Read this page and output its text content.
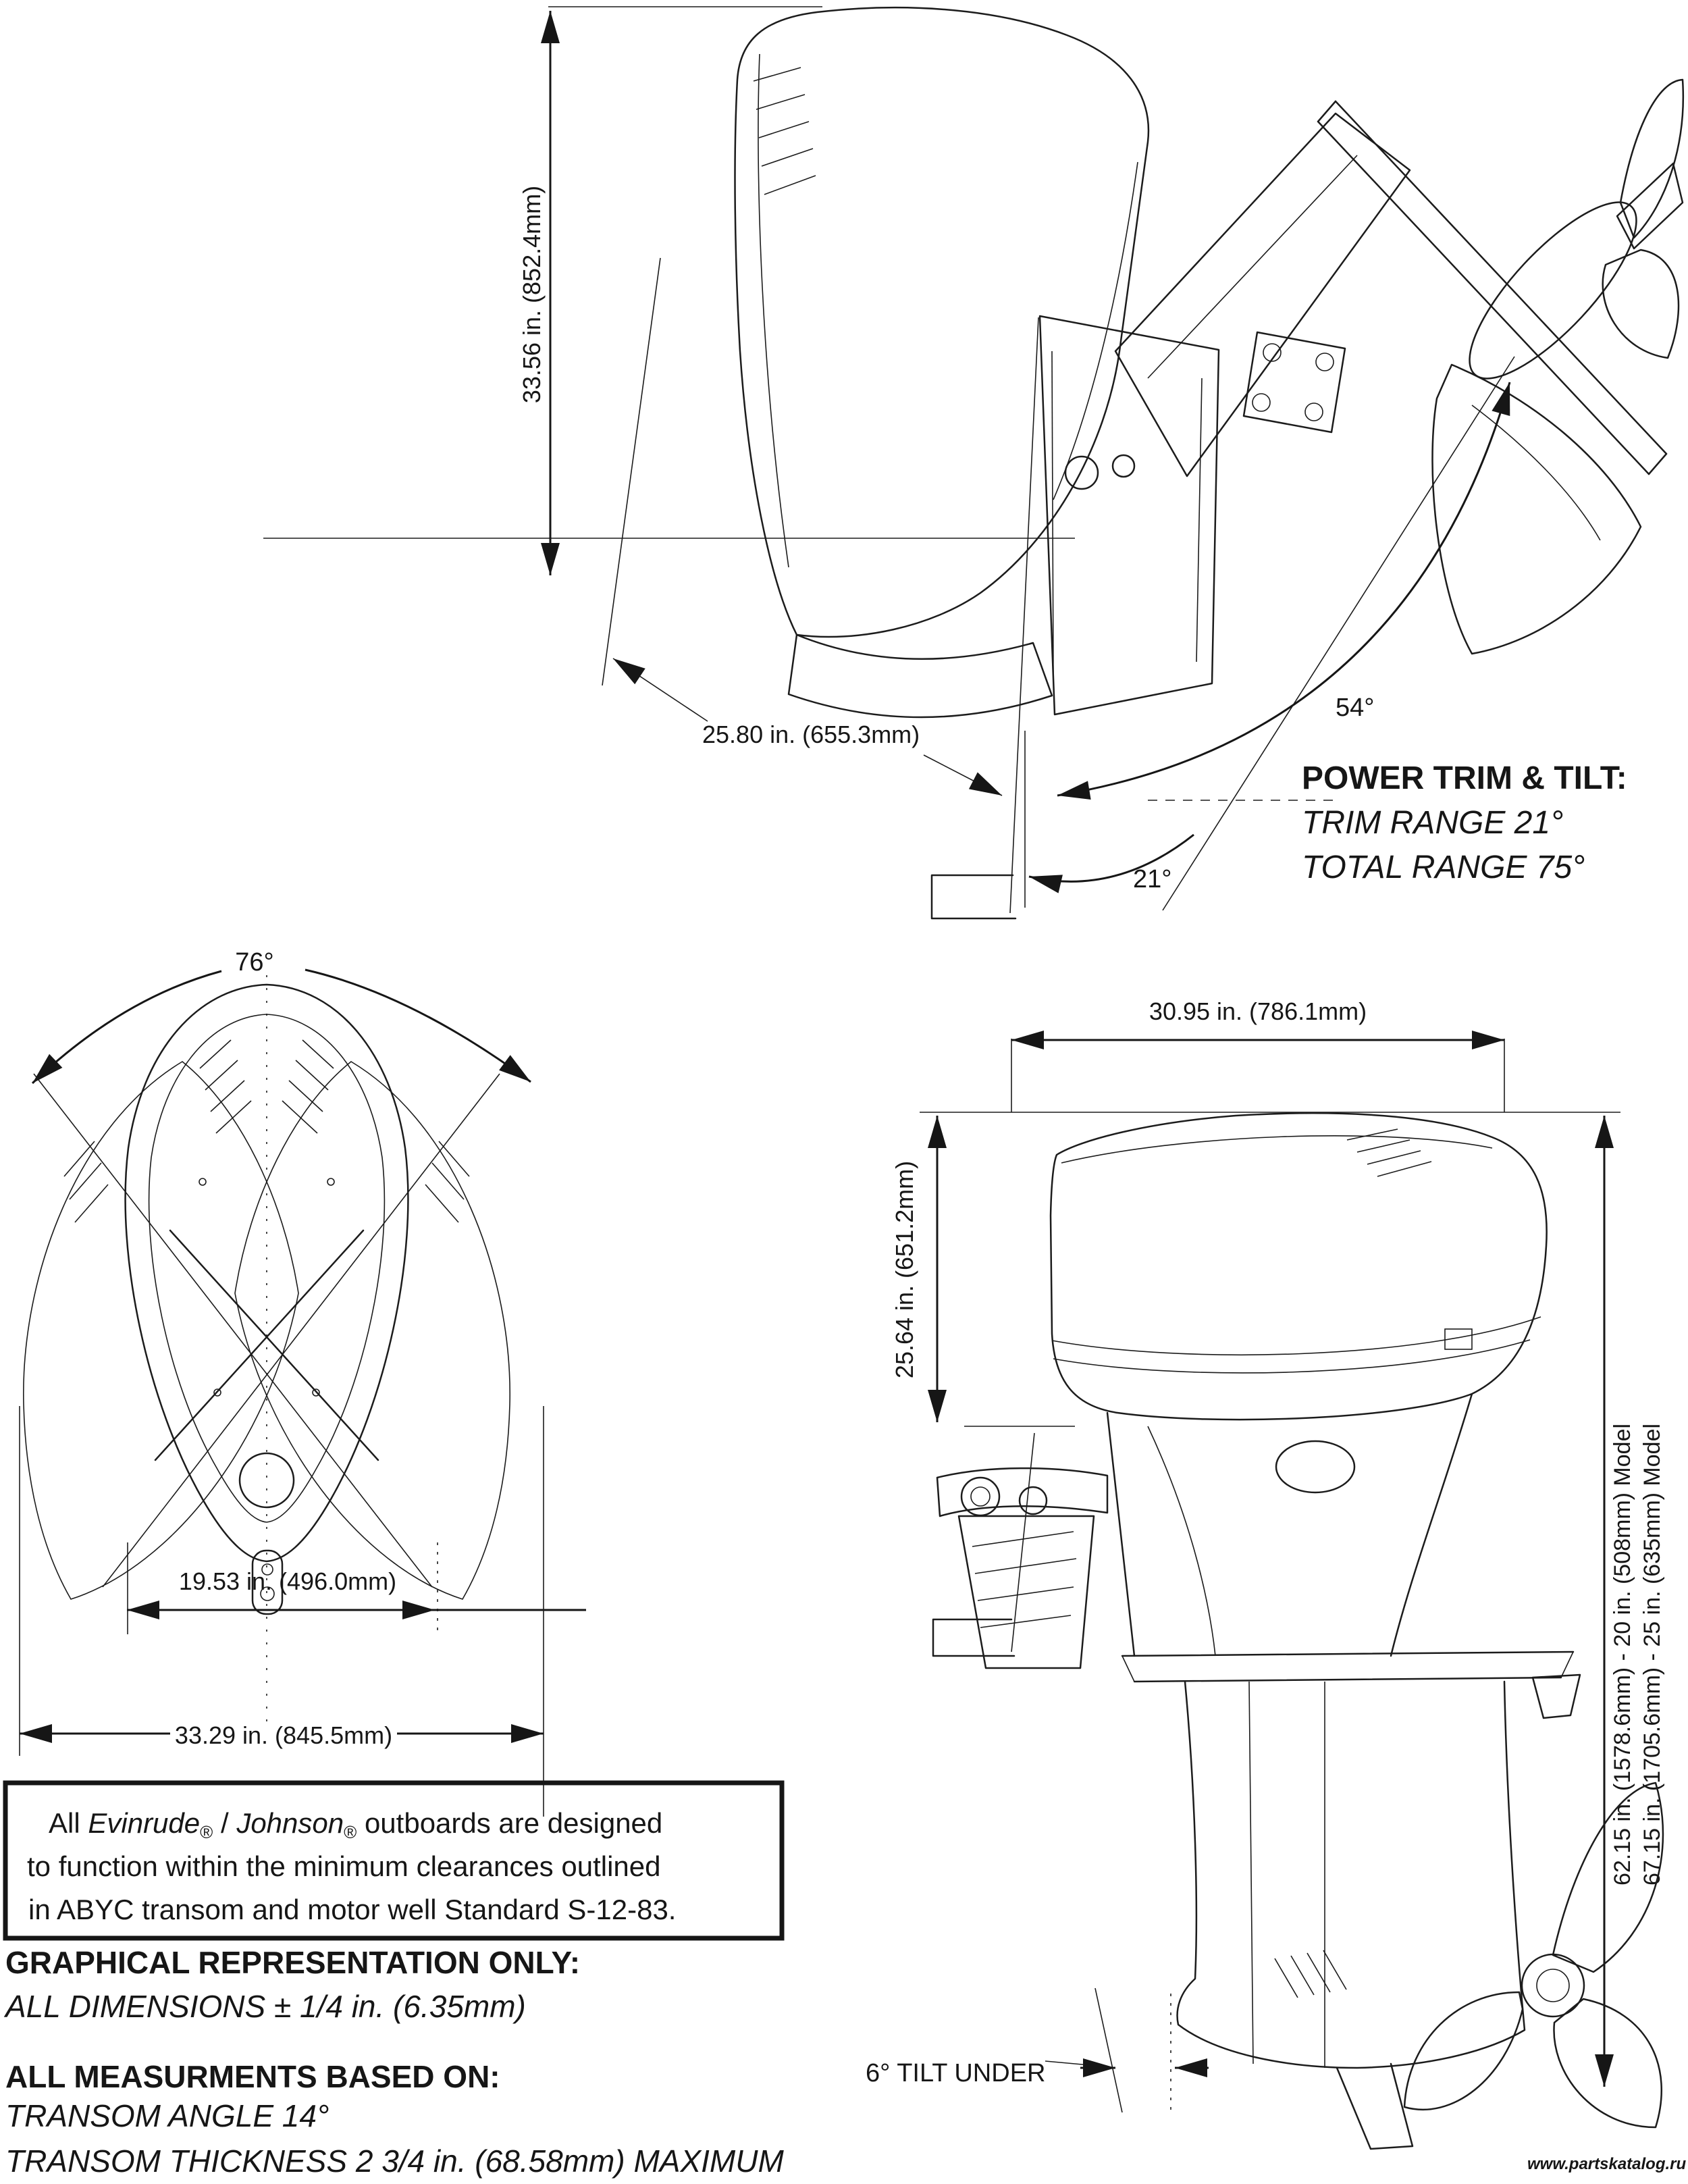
33.56 in. (852.4mm)
25.80 in. (655.3mm)
54°
21°
POWER TRIM & TILT:
TRIM RANGE 21°
TOTAL RANGE 75°
76°
19.53 in. (496.0mm)
33.29 in. (845.5mm)
30.95 in. (786.1mm)
25.64 in. (651.2mm)
62.15 in. (1578.6mm) - 20 in. (508mm) Model 67.15 in. (1705.6mm) - 25 in. (635mm) Model
6° TILT UNDER
All Evinrude® / Johnson® outboards are designed
to function within the minimum clearances outlined
in ABYC transom and motor well Standard S-12-83.
GRAPHICAL REPRESENTATION ONLY:
ALL DIMENSIONS ± 1/4 in. (6.35mm)
ALL MEASURMENTS BASED ON:
TRANSOM ANGLE 14°
TRANSOM THICKNESS 2 3/4 in. (68.58mm) MAXIMUM	www.partskatalog.ru
